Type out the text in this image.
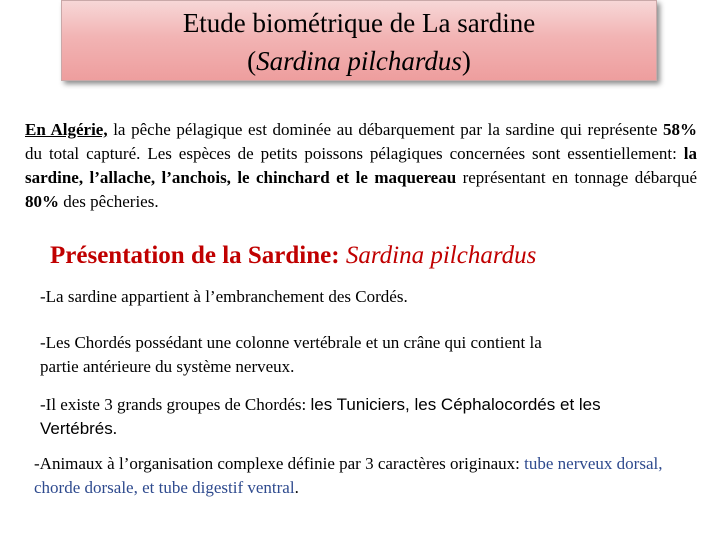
Etude biométrique de La sardine
(Sardina pilchardus)
En Algérie, la pêche pélagique est dominée au débarquement par la sardine qui représente 58% du total capturé. Les espèces de petits poissons pélagiques concernées sont essentiellement: la sardine, l’allache, l’anchois, le chinchard et le maquereau représentant en tonnage débarqué 80% des pêcheries.
Présentation de la Sardine: Sardina pilchardus
-La sardine appartient à l’embranchement des Cordés.
-Les Chordés possédant une colonne vertébrale et un crâne qui contient la
partie antérieure du système nerveux.
-Il existe 3 grands groupes de Chordés: les Tuniciers, les Céphalocordés et les
Vertébrés.
-Animaux à l’organisation complexe définie par 3 caractères originaux: tube nerveux dorsal, chorde dorsale, et tube digestif ventral.
